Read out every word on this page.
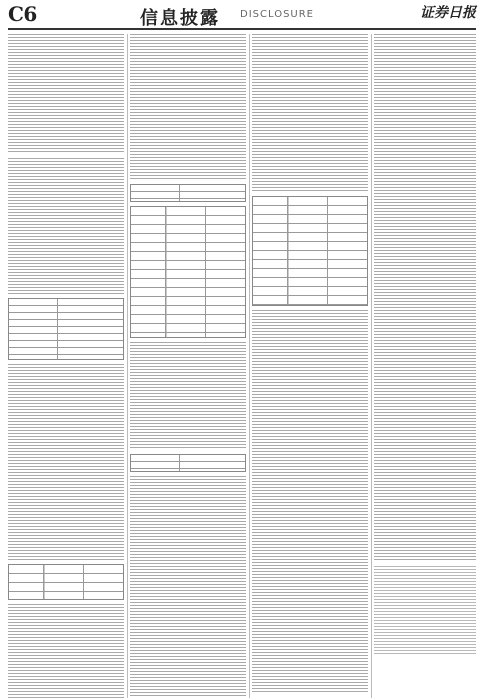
C6	信息披露 DISCLOSURE	证券日报
